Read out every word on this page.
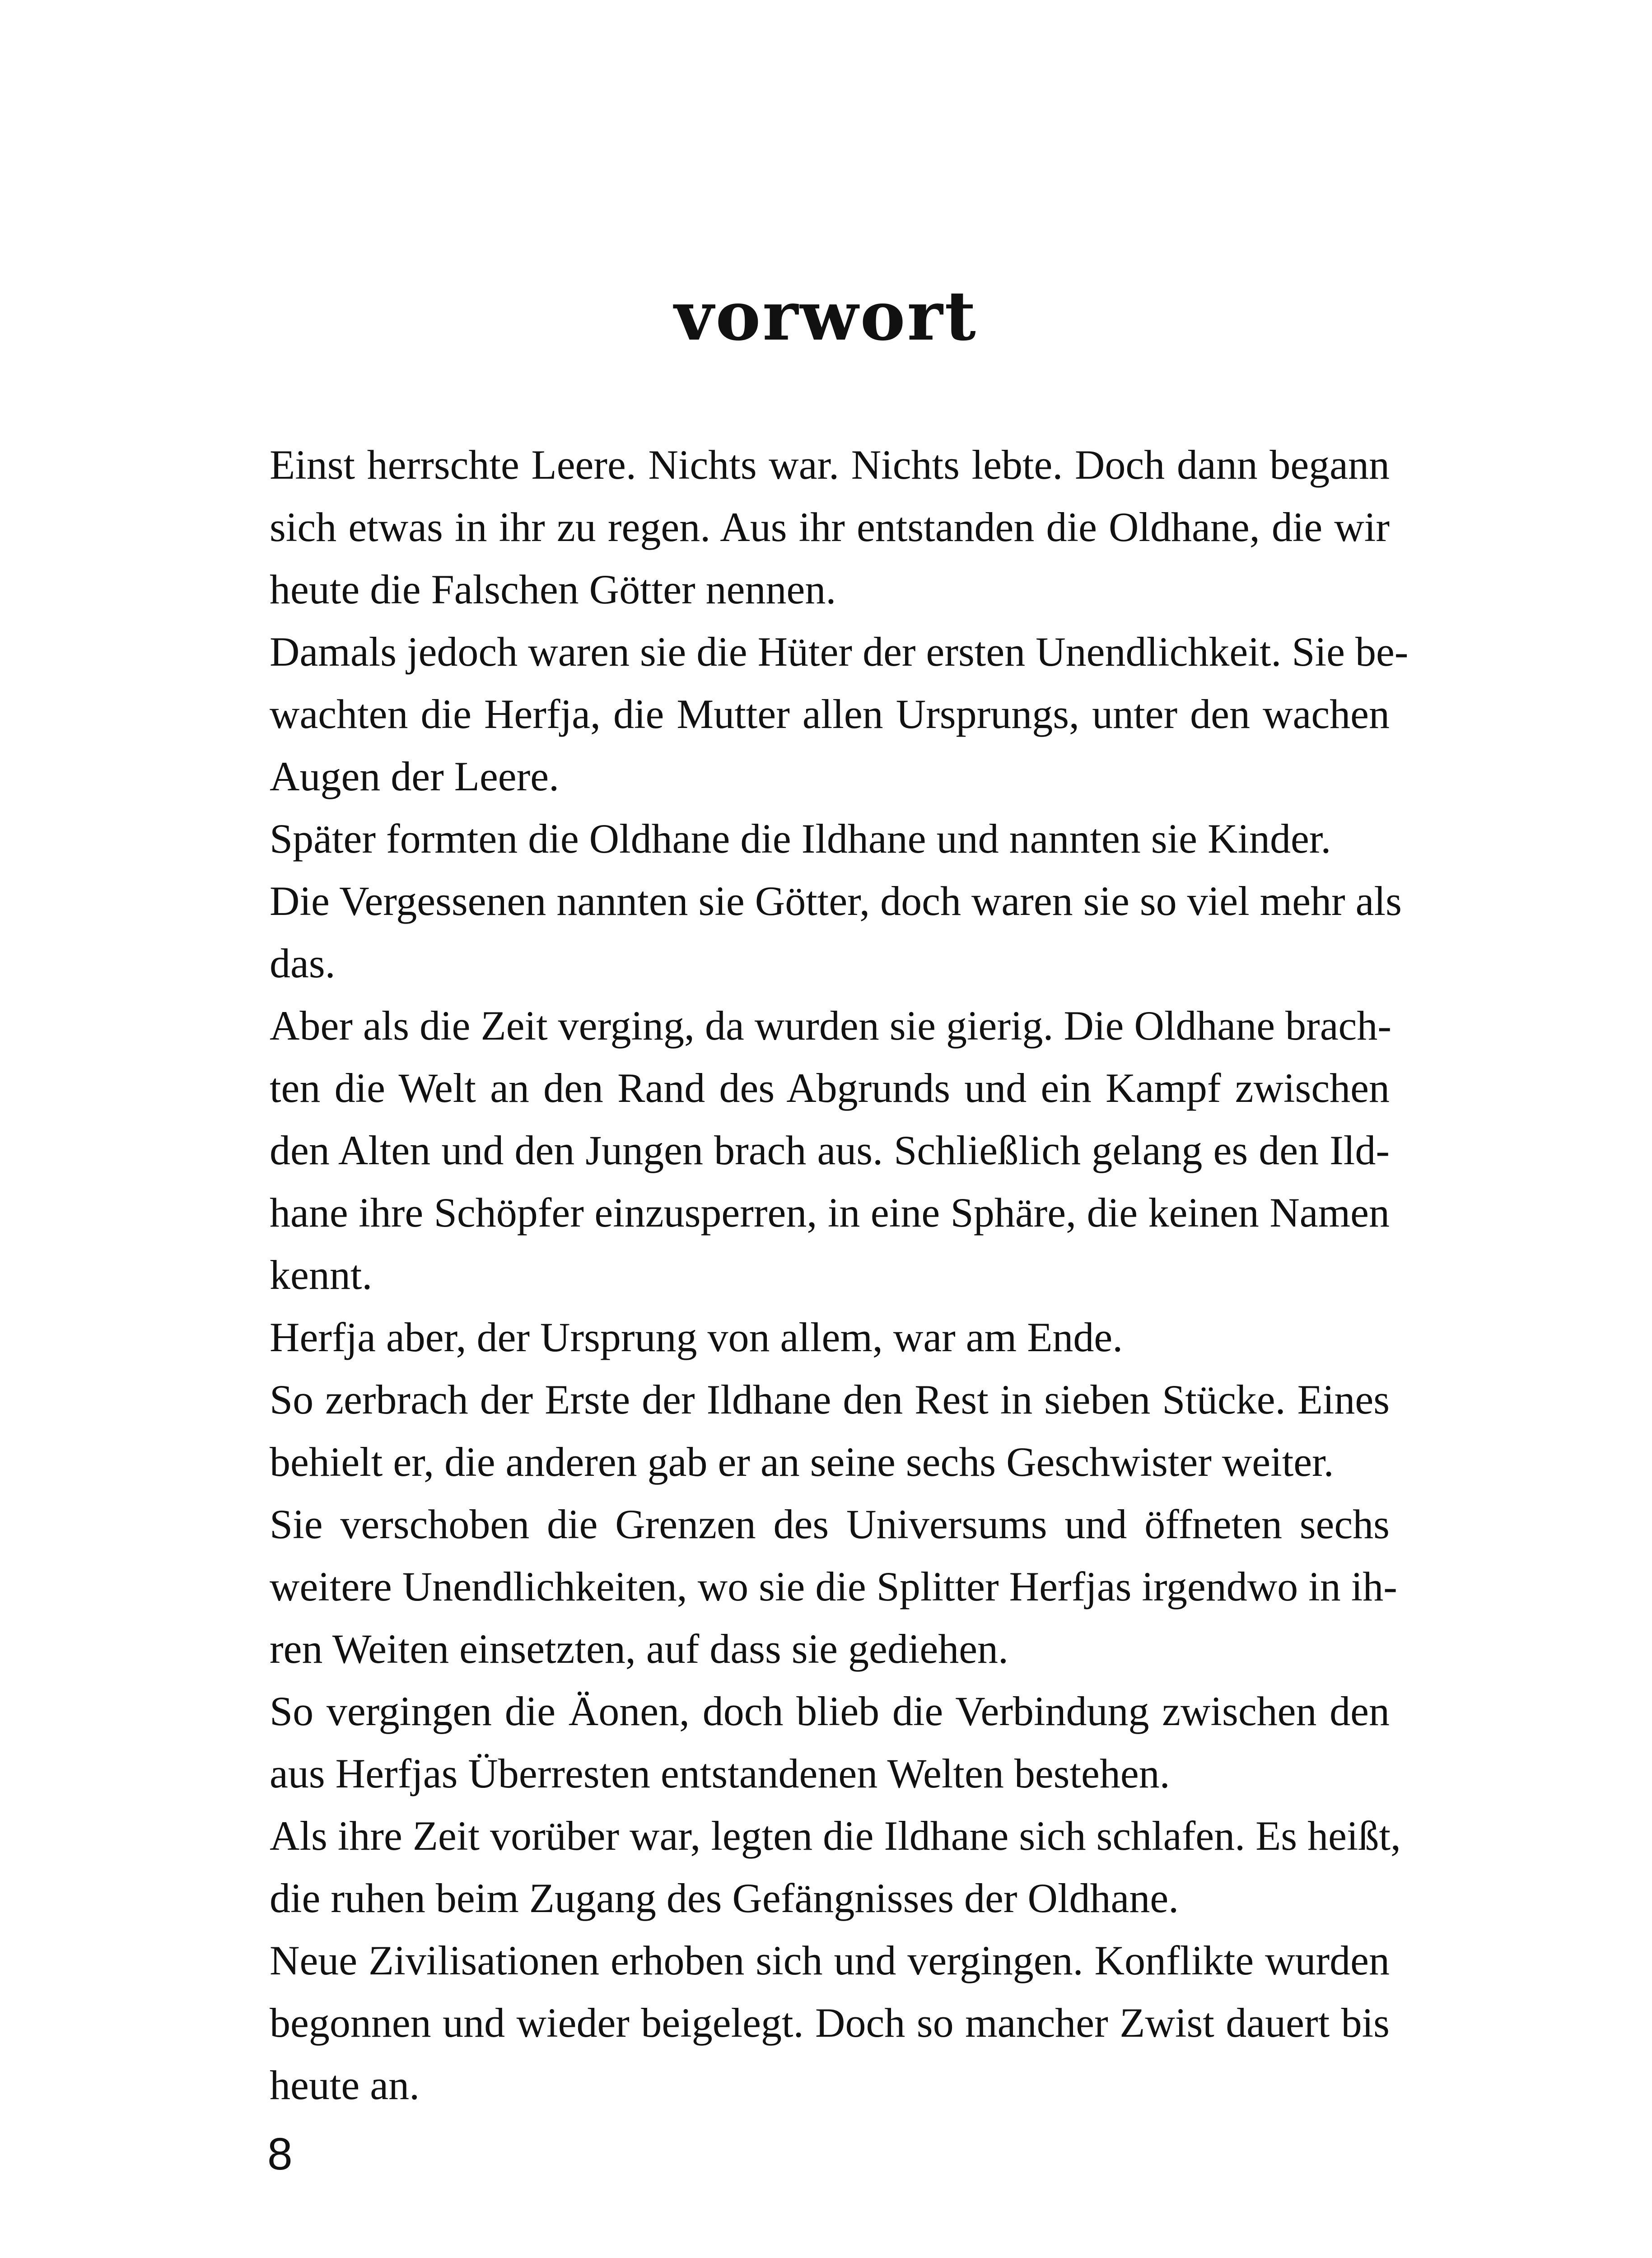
vorwort
Einst herrschte Leere. Nichts war. Nichts lebte. Doch dann begann
sich etwas in ihr zu regen. Aus ihr entstanden die Oldhane, die wir
heute die Falschen Götter nennen.
Damals jedoch waren sie die Hüter der ersten Unendlichkeit. Sie be-
wachten die Herfja, die Mutter allen Ursprungs, unter den wachen
Augen der Leere.
Später formten die Oldhane die Ildhane und nannten sie Kinder.
Die Vergessenen nannten sie Götter, doch waren sie so viel mehr als
das.
Aber als die Zeit verging, da wurden sie gierig. Die Oldhane brach-
ten die Welt an den Rand des Abgrunds und ein Kampf zwischen
den Alten und den Jungen brach aus. Schließlich gelang es den Ild-
hane ihre Schöpfer einzusperren, in eine Sphäre, die keinen Namen
kennt.
Herfja aber, der Ursprung von allem, war am Ende.
So zerbrach der Erste der Ildhane den Rest in sieben Stücke. Eines
behielt er, die anderen gab er an seine sechs Geschwister weiter.
Sie verschoben die Grenzen des Universums und öffneten sechs
weitere Unendlichkeiten, wo sie die Splitter Herfjas irgendwo in ih-
ren Weiten einsetzten, auf dass sie gediehen.
So vergingen die Äonen, doch blieb die Verbindung zwischen den
aus Herfjas Überresten entstandenen Welten bestehen.
Als ihre Zeit vorüber war, legten die Ildhane sich schlafen. Es heißt,
die ruhen beim Zugang des Gefängnisses der Oldhane.
Neue Zivilisationen erhoben sich und vergingen. Konflikte wurden
begonnen und wieder beigelegt. Doch so mancher Zwist dauert bis
heute an.
8
